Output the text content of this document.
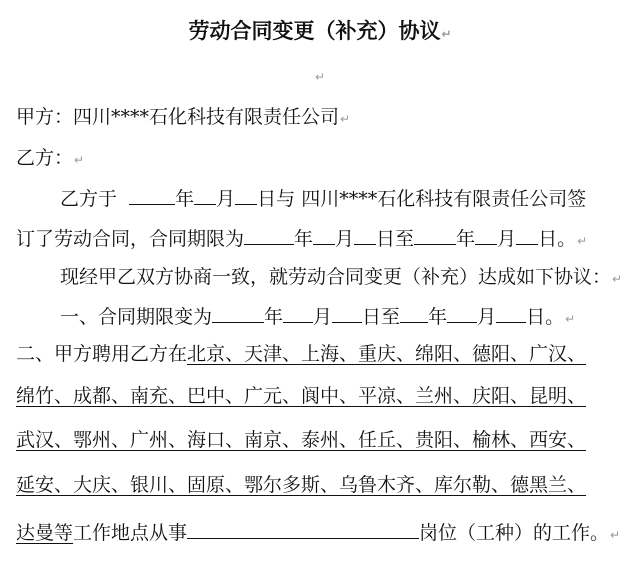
劳动合同变更（补充）协议↵
↵
甲方：四川****石化科技有限责任公司↵
乙方：↵
乙方于	年 月 日与 四川****石化科技有限责任公司签
订了劳动合同，合同期限为	年 月 日至 年 月 日。↵
现经甲乙双方协商一致，就劳动合同变更（补充）达成如下协议：↵
一、合同期限变为	年 月 日至 年 月 日。↵
二、甲方聘用乙方在北京、天津、上海、重庆、绵阳、德阳、广汉、
绵竹、成都、南充、巴中、广元、阆中、平凉、兰州、庆阳、昆明、
武汉、鄂州、广州、海口、南京、泰州、任丘、贵阳、榆林、西安、
延安、大庆、银川、固原、鄂尔多斯、乌鲁木齐、库尔勒、德黑兰、
达曼等工作地点从事	岗位（工种）的工作。↵
